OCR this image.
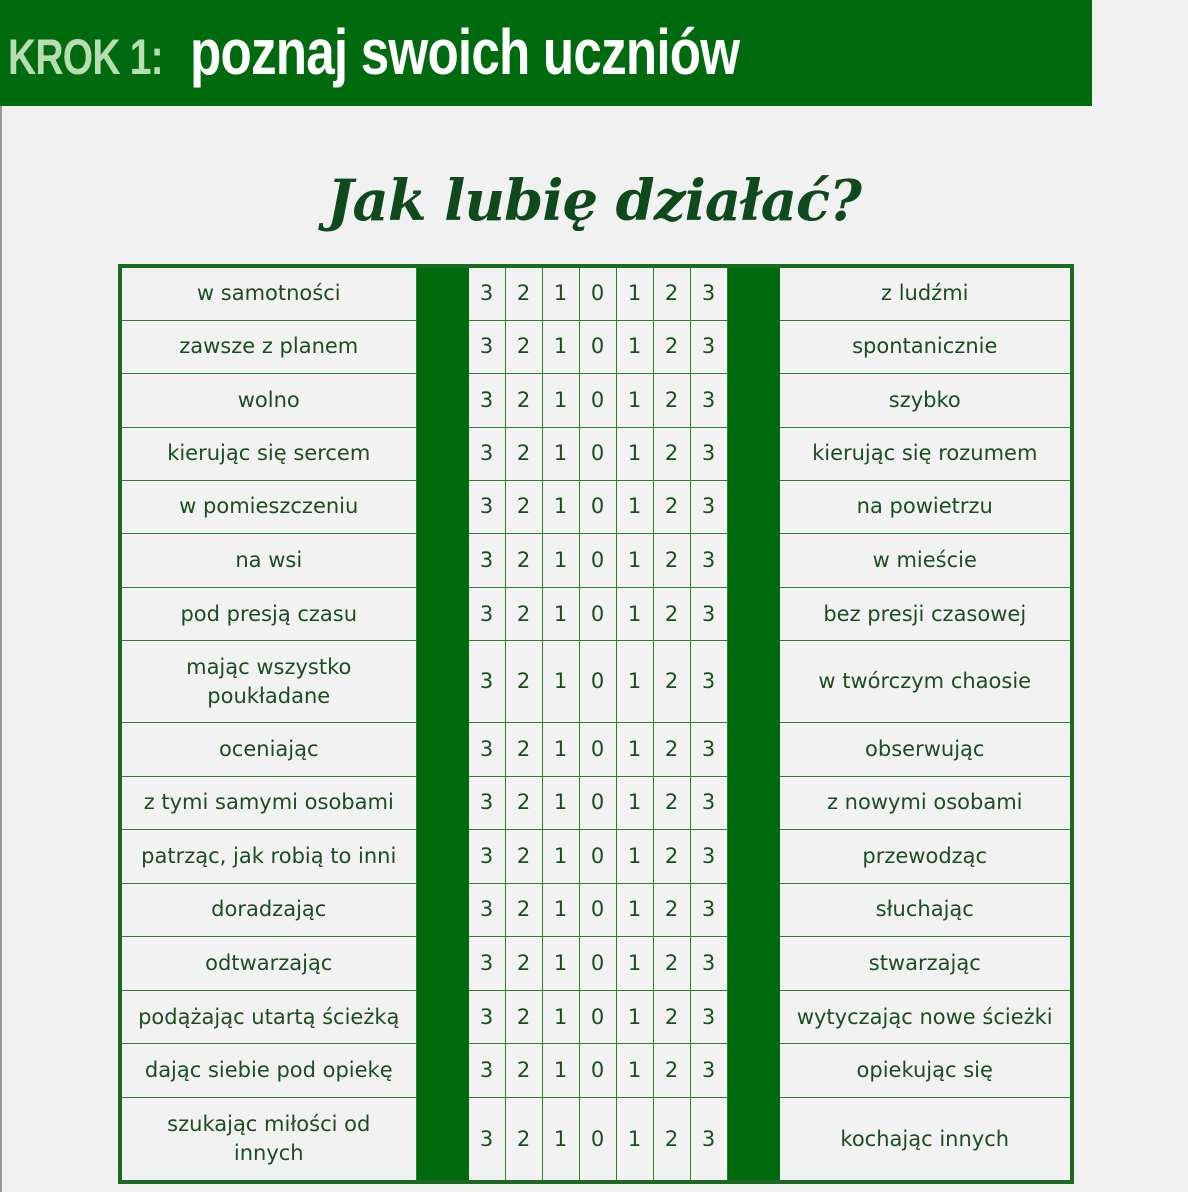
KROK 1: poznaj swoich uczniów
Jak lubię działać?
w samotności		3	2	1	0	1	2	3		z ludźmi
zawsze z planem		3	2	1	0	1	2	3		spontanicznie
wolno		3	2	1	0	1	2	3		szybko
kierując się sercem		3	2	1	0	1	2	3		kierując się rozumem
w pomieszczeniu		3	2	1	0	1	2	3		na powietrzu
na wsi		3	2	1	0	1	2	3		w mieście
pod presją czasu		3	2	1	0	1	2	3		bez presji czasowej
mając wszystko poukładane		3	2	1	0	1	2	3		w twórczym chaosie
oceniając		3	2	1	0	1	2	3		obserwując
z tymi samymi osobami		3	2	1	0	1	2	3		z nowymi osobami
patrząc, jak robią to inni		3	2	1	0	1	2	3		przewodząc
doradzając		3	2	1	0	1	2	3		słuchając
odtwarzając		3	2	1	0	1	2	3		stwarzając
podążając utartą ścieżką		3	2	1	0	1	2	3		wytyczając nowe ścieżki
dając siebie pod opiekę		3	2	1	0	1	2	3		opiekując się
szukając miłości od innych		3	2	1	0	1	2	3		kochając innych
